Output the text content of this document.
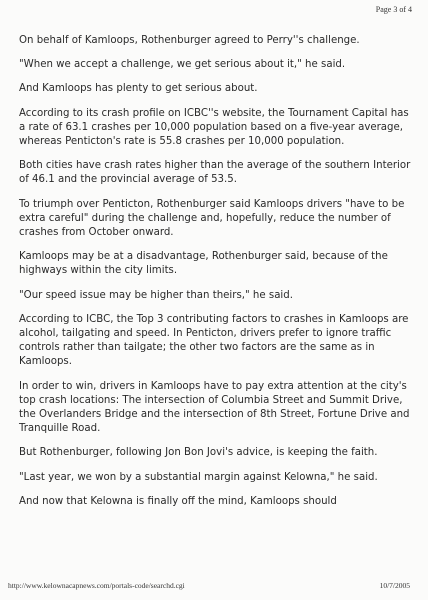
Page 3 of 4

On behalf of Kamloops, Rothenburger agreed to Perry''s challenge.

"When we accept a challenge, we get serious about it," he said.

And Kamloops has plenty to get serious about.

According to its crash profile on ICBC''s website, the Tournament Capital has a rate of 63.1 crashes per 10,000 population based on a five-year average, whereas Penticton's rate is 55.8 crashes per 10,000 population.

Both cities have crash rates higher than the average of the southern Interior of 46.1 and the provincial average of 53.5.

To triumph over Penticton, Rothenburger said Kamloops drivers "have to be extra careful" during the challenge and, hopefully, reduce the number of crashes from October onward.

Kamloops may be at a disadvantage, Rothenburger said, because of the highways within the city limits.

"Our speed issue may be higher than theirs," he said.

According to ICBC, the Top 3 contributing factors to crashes in Kamloops are alcohol, tailgating and speed. In Penticton, drivers prefer to ignore traffic controls rather than tailgate; the other two factors are the same as in Kamloops.

In order to win, drivers in Kamloops have to pay extra attention at the city's top crash locations: The intersection of Columbia Street and Summit Drive, the Overlanders Bridge and the intersection of 8th Street, Fortune Drive and Tranquille Road.

But Rothenburger, following Jon Bon Jovi's advice, is keeping the faith.

"Last year, we won by a substantial margin against Kelowna," he said.

And now that Kelowna is finally off the mind, Kamloops should

http://www.kelownacapnews.com/portals-code/searchd.cgi	10/7/2005
